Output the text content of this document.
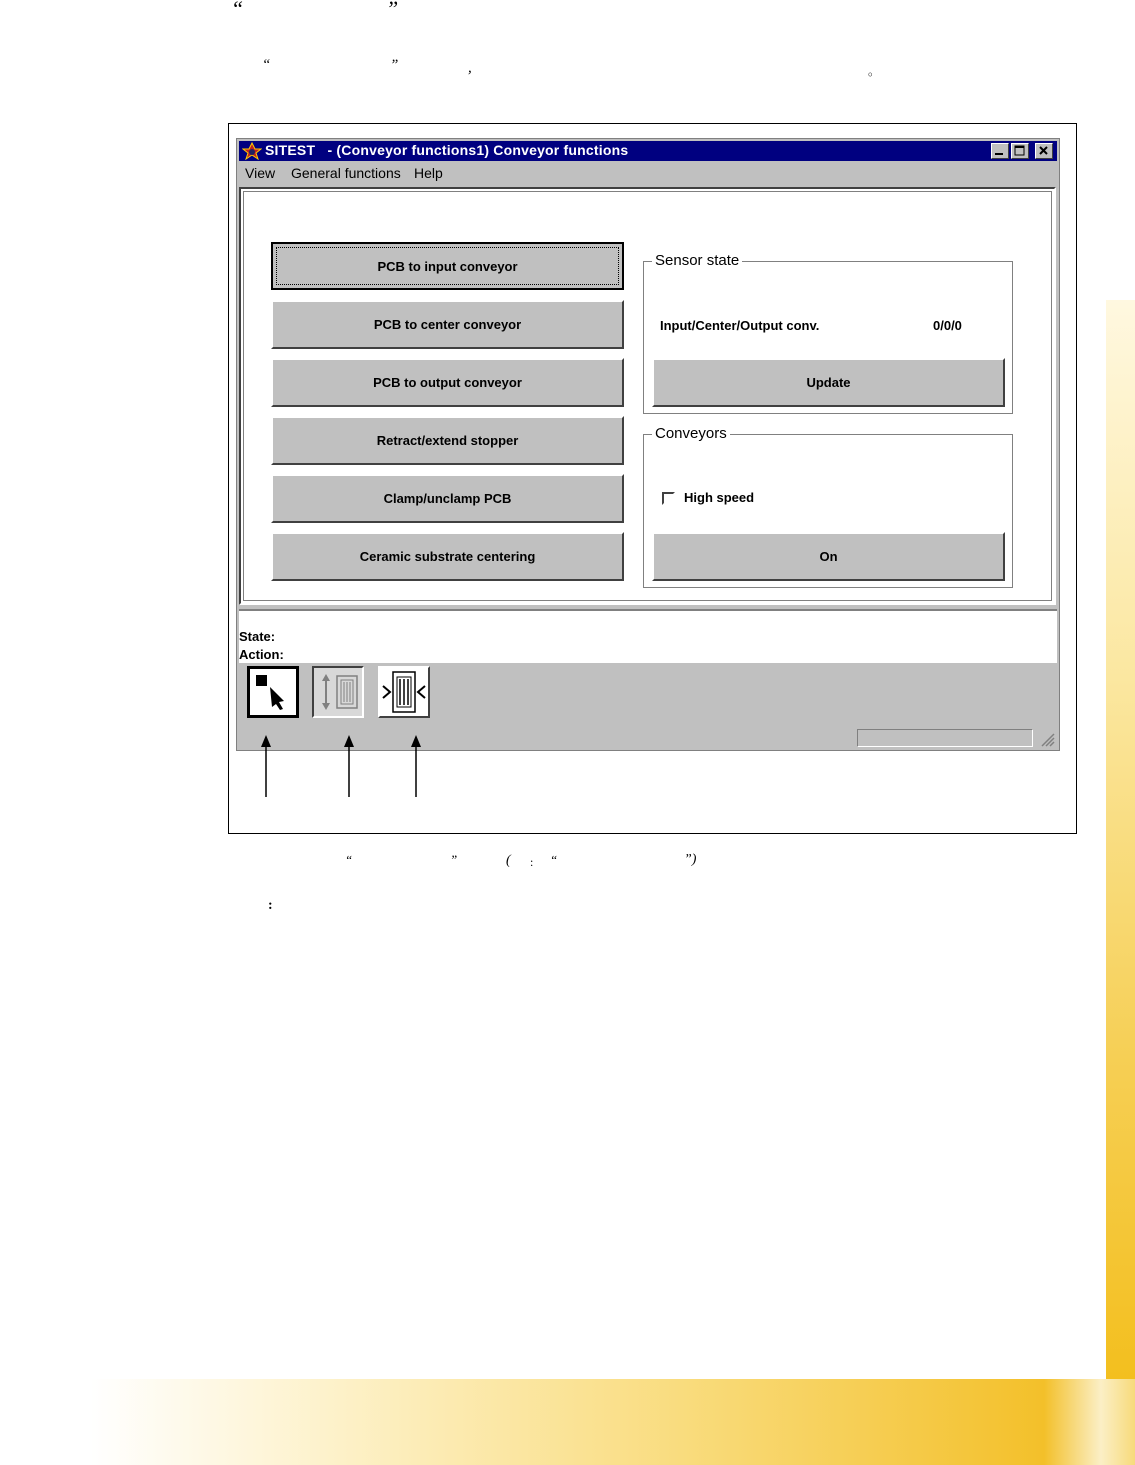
“	”
“	”	,	。
“	”	( : “	”)
:
SITEST   - (Conveyor functions1) Conveyor functions
View General functions Help
PCB to input conveyor
PCB to center conveyor
PCB to output conveyor
Retract/extend stopper
Clamp/unclamp PCB
Ceramic substrate centering
Sensor state
Input/Center/Output conv.	0/0/0
Update
Conveyors
High speed
On
State:
Action:
